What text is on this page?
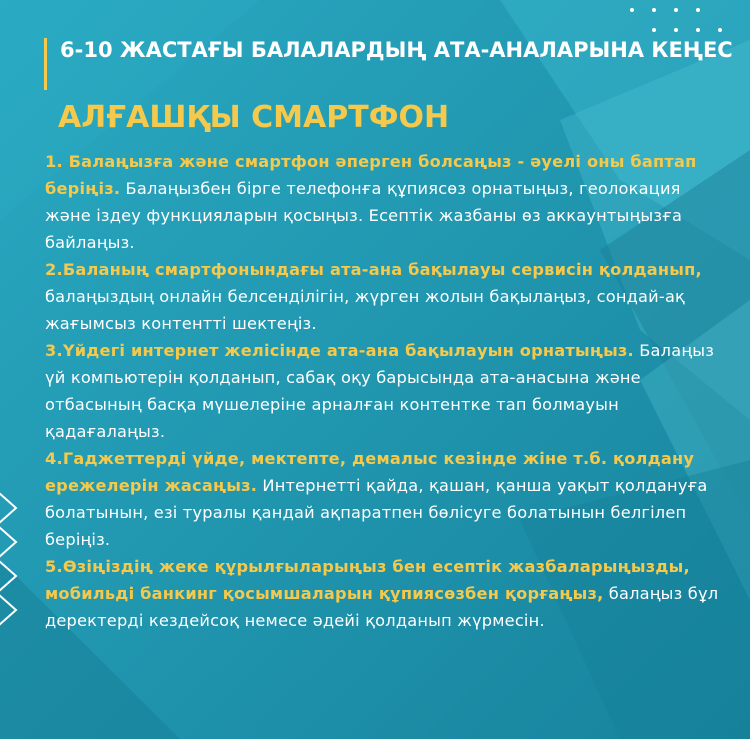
6-10 ЖАСТАҒЫ БАЛАЛАРДЫҢ АТА-АНАЛАРЫНА КЕҢЕС
АЛҒАШҚЫ СМАРТФОН

1. Балаңызға және смартфон әперген болсаңыз - әуелі оны баптап беріңіз. Балаңызбен бірге телефонға құпиясөз орнатыңыз, геолокация және іздеу функцияларын қосыңыз. Есептік жазбаны өз аккаунтыңызға байлаңыз.

2.Баланың смартфонындағы ата-ана бақылауы сервисін қолданып, балаңыздың онлайн белсенділігін, жүрген жолын бақылаңыз, сондай-ақ жағымсыз контентті шектеңіз.

3.Үйдегі интернет желісінде ата-ана бақылауын орнатыңыз. Балаңыз үй компьютерін қолданып, сабақ оқу барысында ата-анасына және отбасының басқа мүшелеріне арналған контентке тап болмауын қадағалаңыз.

4.Гаджеттерді үйде, мектепте, демалыс кезінде жіне т.б. қолдану ережелерін жасаңыз. Интернетті қайда, қашан, қанша уақыт қолдануға болатынын, езі туралы қандай ақпаратпен бөлісуге болатынын белгілеп беріңіз.

5.Өзіңіздің жеке құрылғыларыңыз бен есептік жазбаларыңызды, мобильді банкинг қосымшаларын құпиясөзбен қорғаңыз, балаңыз бұл деректерді кездейсоқ немесе әдейі қолданып жүрмесін.
